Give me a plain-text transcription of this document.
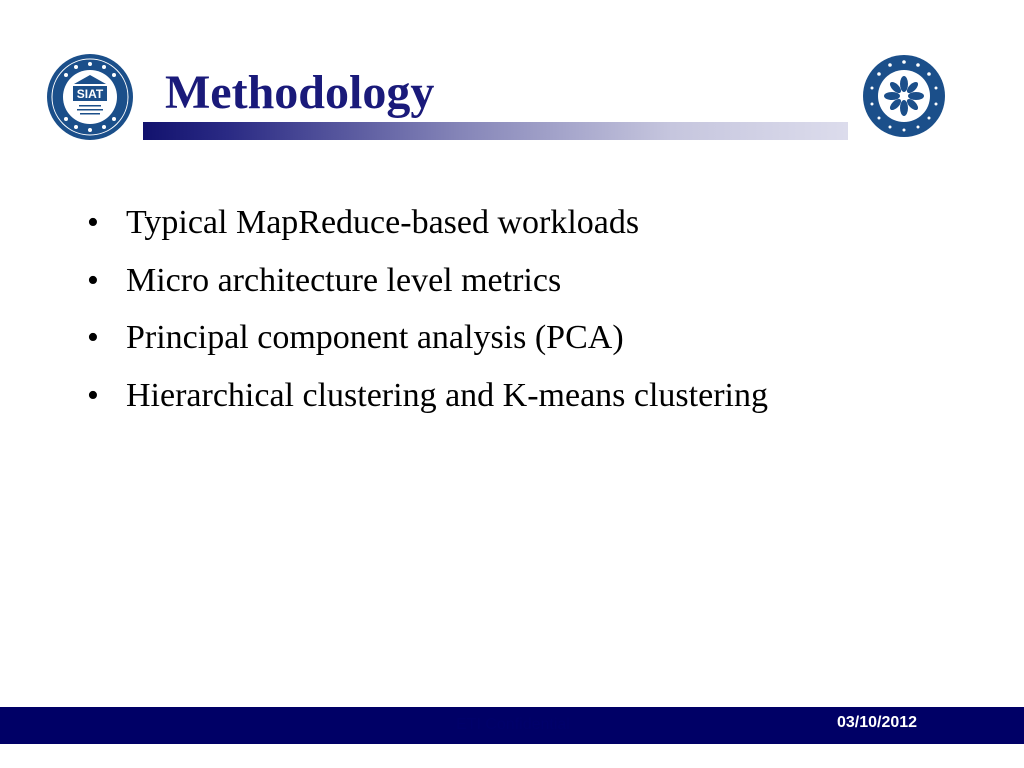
SIAT Methodology
• Typical MapReduce-based workloads
• Micro architecture level metrics
• Principal component analysis (PCA)
• Hierarchical clustering and K-means clustering
ETI Confidential	03/10/2012
